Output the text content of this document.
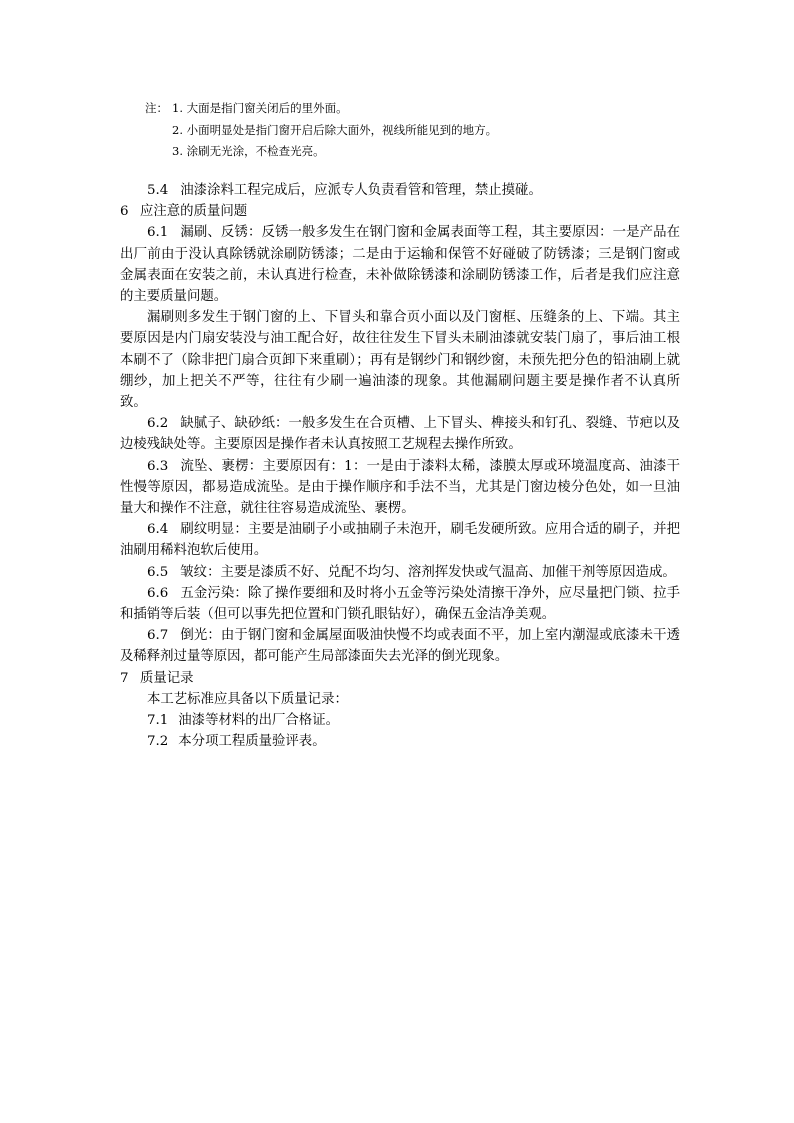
注： 1. 大面是指门窗关闭后的里外面。
2. 小面明显处是指门窗开启后除大面外，视线所能见到的地方。
3. 涂刷无光涂，不检查光亮。

5.4 油漆涂料工程完成后，应派专人负责看管和管理，禁止摸碰。

6 应注意的质量问题

6.1 漏刷、反锈：反锈一般多发生在钢门窗和金属表面等工程，其主要原因：一是产品在出厂前由于没认真除锈就涂刷防锈漆；二是由于运输和保管不好碰破了防锈漆；三是钢门窗或金属表面在安装之前，未认真进行检查，未补做除锈漆和涂刷防锈漆工作，后者是我们应注意的主要质量问题。

漏刷则多发生于钢门窗的上、下冒头和靠合页小面以及门窗框、压缝条的上、下端。其主要原因是内门扇安装没与油工配合好，故往往发生下冒头未刷油漆就安装门扇了，事后油工根本刷不了（除非把门扇合页卸下来重刷）；再有是钢纱门和钢纱窗，未预先把分色的铅油刷上就绷纱，加上把关不严等，往往有少刷一遍油漆的现象。其他漏刷问题主要是操作者不认真所致。

6.2 缺腻子、缺砂纸：一般多发生在合页槽、上下冒头、榫接头和钉孔、裂缝、节疤以及边棱残缺处等。主要原因是操作者未认真按照工艺规程去操作所致。

6.3 流坠、裹楞：主要原因有：1：一是由于漆料太稀，漆膜太厚或环境温度高、油漆干性慢等原因，都易造成流坠。是由于操作顺序和手法不当，尤其是门窗边棱分色处，如一旦油量大和操作不注意，就往往容易造成流坠、裹楞。

6.4 刷纹明显：主要是油刷子小或抽刷子未泡开，刷毛发硬所致。应用合适的刷子，并把油刷用稀料泡软后使用。

6.5 皱纹：主要是漆质不好、兑配不均匀、溶剂挥发快或气温高、加催干剂等原因造成。

6.6 五金污染：除了操作要细和及时将小五金等污染处清擦干净外，应尽量把门锁、拉手和插销等后装（但可以事先把位置和门锁孔眼钻好），确保五金洁净美观。

6.7 倒光：由于钢门窗和金属屋面吸油快慢不均或表面不平，加上室内潮湿或底漆未干透及稀释剂过量等原因，都可能产生局部漆面失去光泽的倒光现象。

7 质量记录

本工艺标准应具备以下质量记录：

7.1 油漆等材料的出厂合格证。

7.2 本分项工程质量验评表。
